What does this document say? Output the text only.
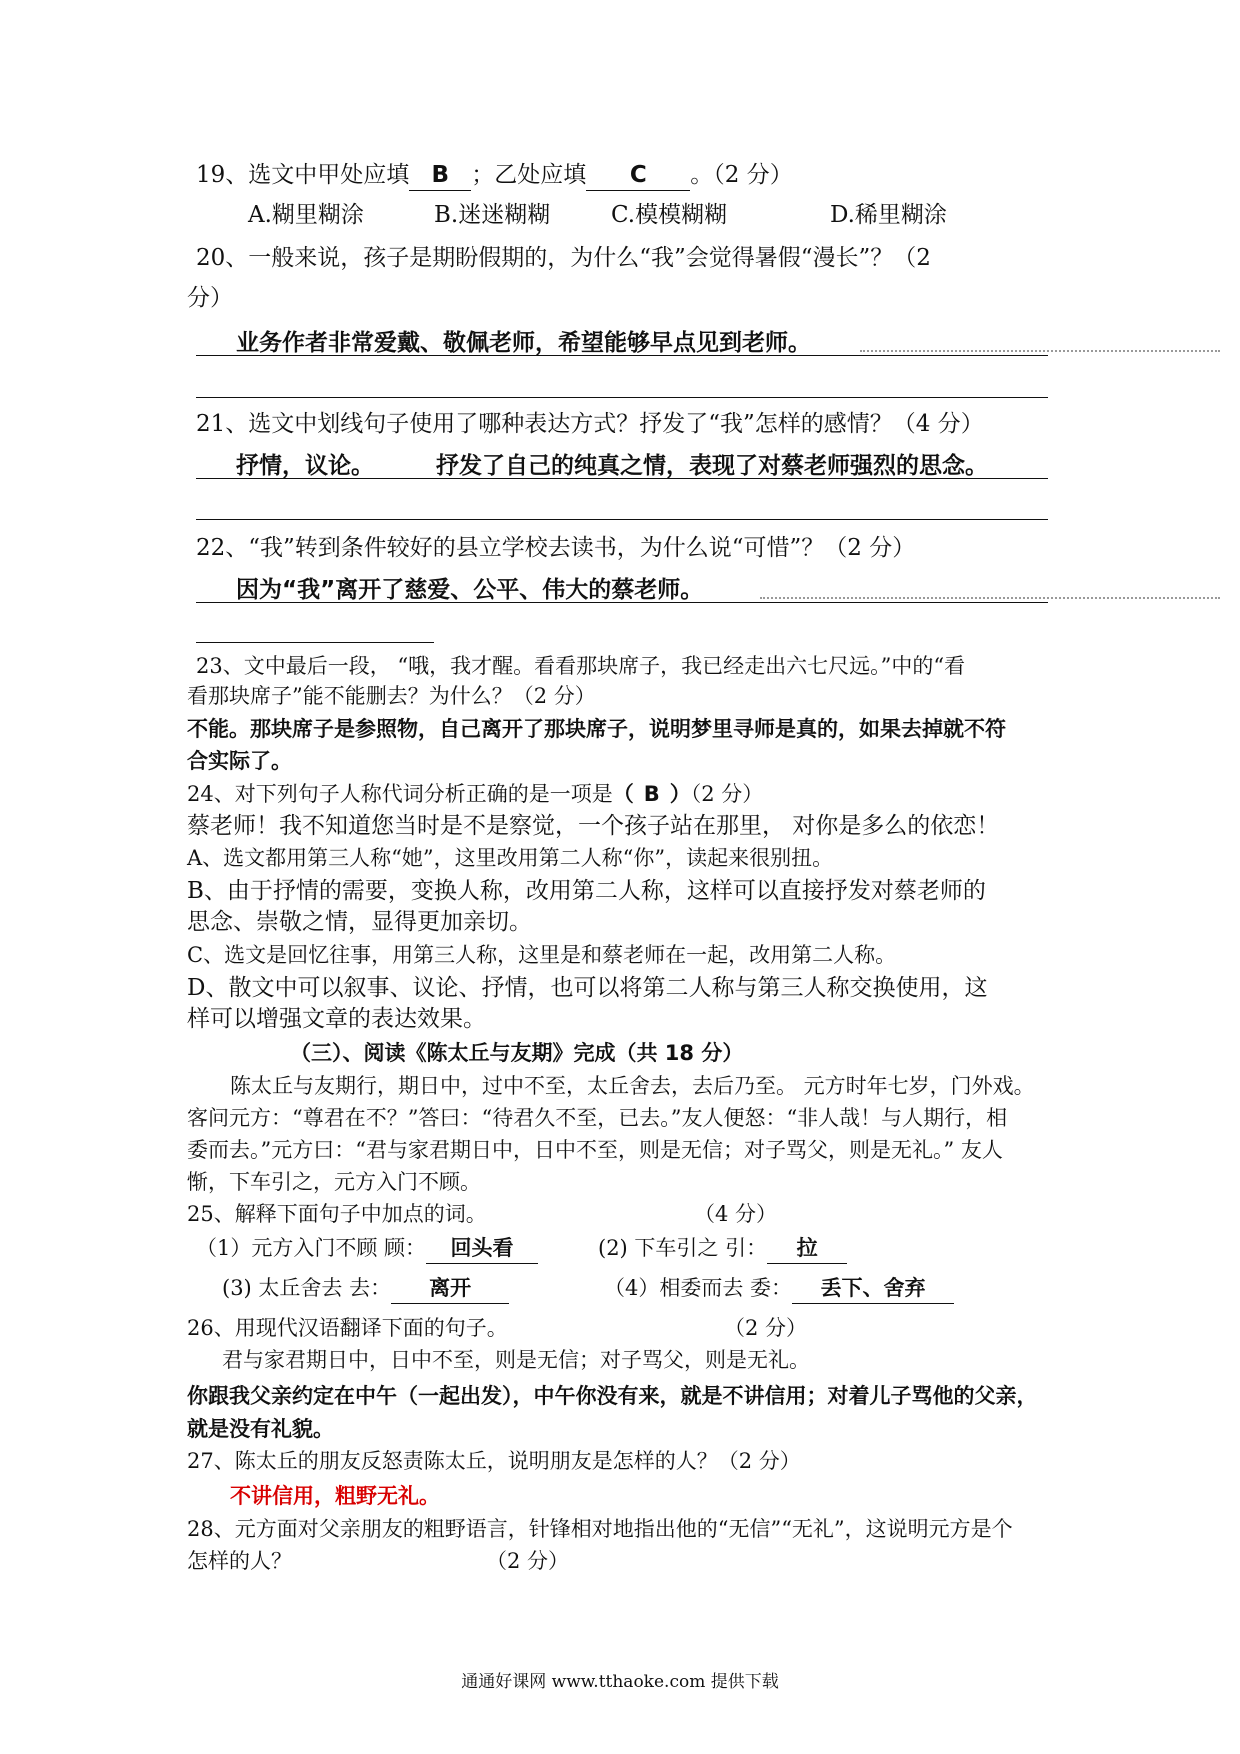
19、选文中甲处应填 B ；乙处应填 C 。（2 分）
A.糊里糊涂	B.迷迷糊糊	C.模模糊糊	D.稀里糊涂
20、一般来说，孩子是期盼假期的，为什么“我”会觉得暑假“漫长”？（2
分）
业务作者非常爱戴、敬佩老师，希望能够早点见到老师。
21、选文中划线句子使用了哪种表达方式？抒发了“我”怎样的感情？（4 分）
抒情，议论。	抒发了自己的纯真之情，表现了对蔡老师强烈的思念。
22、“我”转到条件较好的县立学校去读书，为什么说“可惜”？（2 分）
因为“我”离开了慈爱、公平、伟大的蔡老师。
23、文中最后一段， “哦，我才醒。看看那块席子，我已经走出六七尺远。”中的“看
看那块席子”能不能删去？为什么？（2 分）
不能。那块席子是参照物，自己离开了那块席子，说明梦里寻师是真的，如果去掉就不符
合实际了。
24、对下列句子人称代词分析正确的是一项是（ B ）（2 分）
蔡老师！我不知道您当时是不是察觉，一个孩子站在那里， 对你是多么的依恋！
A、选文都用第三人称“她”，这里改用第二人称“你”，读起来很别扭。
B、由于抒情的需要，变换人称，改用第二人称，这样可以直接抒发对蔡老师的
思念、崇敬之情，显得更加亲切。
C、选文是回忆往事，用第三人称，这里是和蔡老师在一起，改用第二人称。
D、散文中可以叙事、议论、抒情，也可以将第二人称与第三人称交换使用，这
样可以增强文章的表达效果。
（三）、阅读《陈太丘与友期》完成（共 18 分）
陈太丘与友期行，期日中，过中不至，太丘舍去，去后乃至。 元方时年七岁，门外戏。
客问元方：“尊君在不？”答曰：“待君久不至，已去。”友人便怒：“非人哉！与人期行，相
委而去。”元方曰：“君与家君期日中，日中不至，则是无信；对子骂父，则是无礼。” 友人
惭，下车引之，元方入门不顾。
25、解释下面句子中加点的词。	（4 分）
（1）元方入门不顾 顾： 回头看	(2) 下车引之 引： 拉
(3) 太丘舍去 去： 离开	（4）相委而去 委： 丢下、舍弃
26、用现代汉语翻译下面的句子。	（2 分）
君与家君期日中，日中不至，则是无信；对子骂父，则是无礼。
你跟我父亲约定在中午（一起出发），中午你没有来，就是不讲信用；对着儿子骂他的父亲，
就是没有礼貌。
27、陈太丘的朋友反怒责陈太丘，说明朋友是怎样的人？（2 分）
不讲信用，粗野无礼。
28、元方面对父亲朋友的粗野语言，针锋相对地指出他的“无信”“无礼”，这说明元方是个
怎样的人？	（2 分）
通通好课网 www.tthaoke.com 提供下载
